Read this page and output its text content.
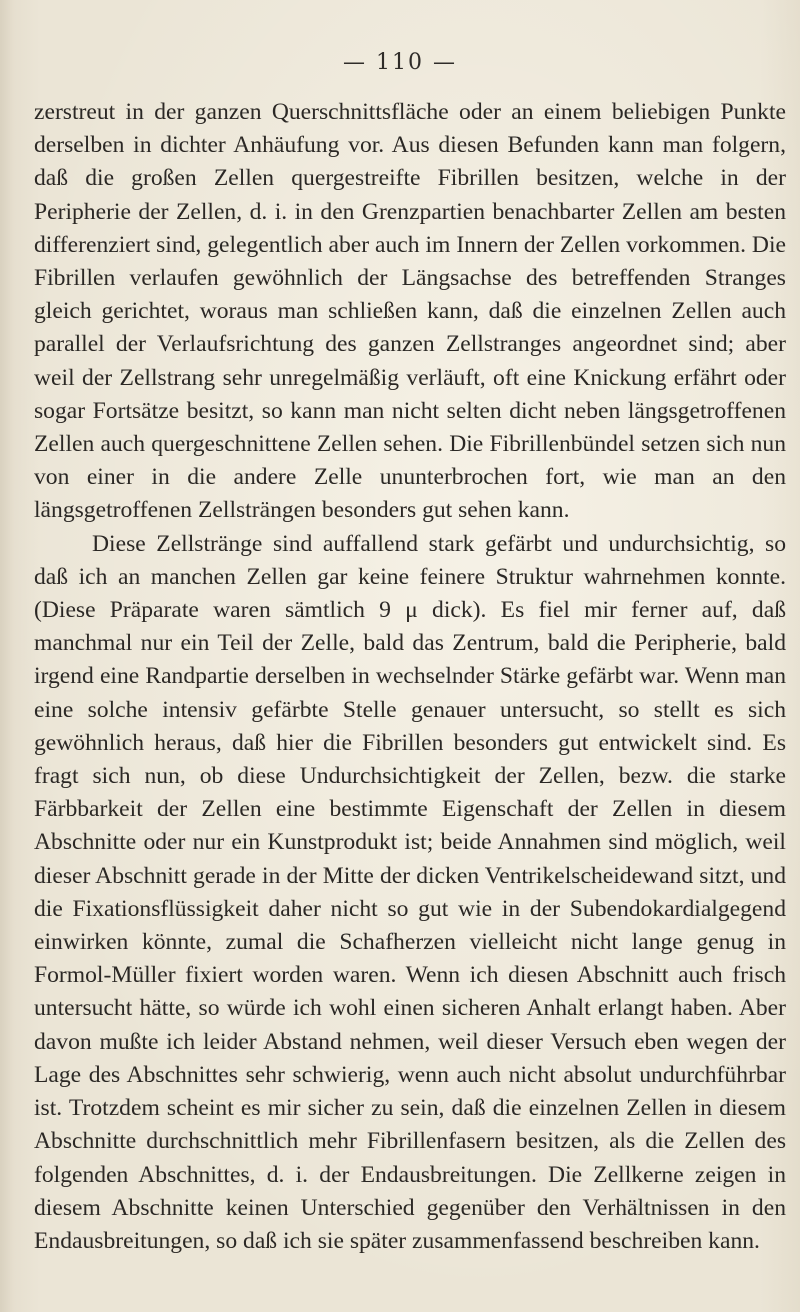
— 110 —

zerstreut in der ganzen Querschnittsfläche oder an einem beliebigen Punkte derselben in dichter Anhäufung vor. Aus diesen Befunden kann man folgern, daß die großen Zellen quergestreifte Fibrillen besitzen, welche in der Peripherie der Zellen, d. i. in den Grenzpartien benachbarter Zellen am besten differenziert sind, gelegentlich aber auch im Innern der Zellen vorkommen. Die Fibrillen verlaufen gewöhnlich der Längsachse des betreffenden Stranges gleich gerichtet, woraus man schließen kann, daß die einzelnen Zellen auch parallel der Verlaufsrichtung des ganzen Zellstranges angeordnet sind; aber weil der Zellstrang sehr unregelmäßig verläuft, oft eine Knickung erfährt oder sogar Fortsätze besitzt, so kann man nicht selten dicht neben längsgetroffenen Zellen auch quergeschnittene Zellen sehen. Die Fibrillenbündel setzen sich nun von einer in die andere Zelle ununterbrochen fort, wie man an den längsgetroffenen Zellsträngen besonders gut sehen kann.

Diese Zellstränge sind auffallend stark gefärbt und undurchsichtig, so daß ich an manchen Zellen gar keine feinere Struktur wahrnehmen konnte. (Diese Präparate waren sämtlich 9 μ dick). Es fiel mir ferner auf, daß manchmal nur ein Teil der Zelle, bald das Zentrum, bald die Peripherie, bald irgend eine Randpartie derselben in wechselnder Stärke gefärbt war. Wenn man eine solche intensiv gefärbte Stelle genauer untersucht, so stellt es sich gewöhnlich heraus, daß hier die Fibrillen besonders gut entwickelt sind. Es fragt sich nun, ob diese Undurchsichtigkeit der Zellen, bezw. die starke Färbbarkeit der Zellen eine bestimmte Eigenschaft der Zellen in diesem Abschnitte oder nur ein Kunstprodukt ist; beide Annahmen sind möglich, weil dieser Abschnitt gerade in der Mitte der dicken Ventrikelscheidewand sitzt, und die Fixationsflüssigkeit daher nicht so gut wie in der Subendokardialgegend einwirken könnte, zumal die Schafherzen vielleicht nicht lange genug in Formol-Müller fixiert worden waren. Wenn ich diesen Abschnitt auch frisch untersucht hätte, so würde ich wohl einen sicheren Anhalt erlangt haben. Aber davon mußte ich leider Abstand nehmen, weil dieser Versuch eben wegen der Lage des Abschnittes sehr schwierig, wenn auch nicht absolut undurchführbar ist. Trotzdem scheint es mir sicher zu sein, daß die einzelnen Zellen in diesem Abschnitte durchschnittlich mehr Fibrillenfasern besitzen, als die Zellen des folgenden Abschnittes, d. i. der Endausbreitungen. Die Zellkerne zeigen in diesem Abschnitte keinen Unterschied gegenüber den Verhältnissen in den Endausbreitungen, so daß ich sie später zusammenfassend beschreiben kann.
